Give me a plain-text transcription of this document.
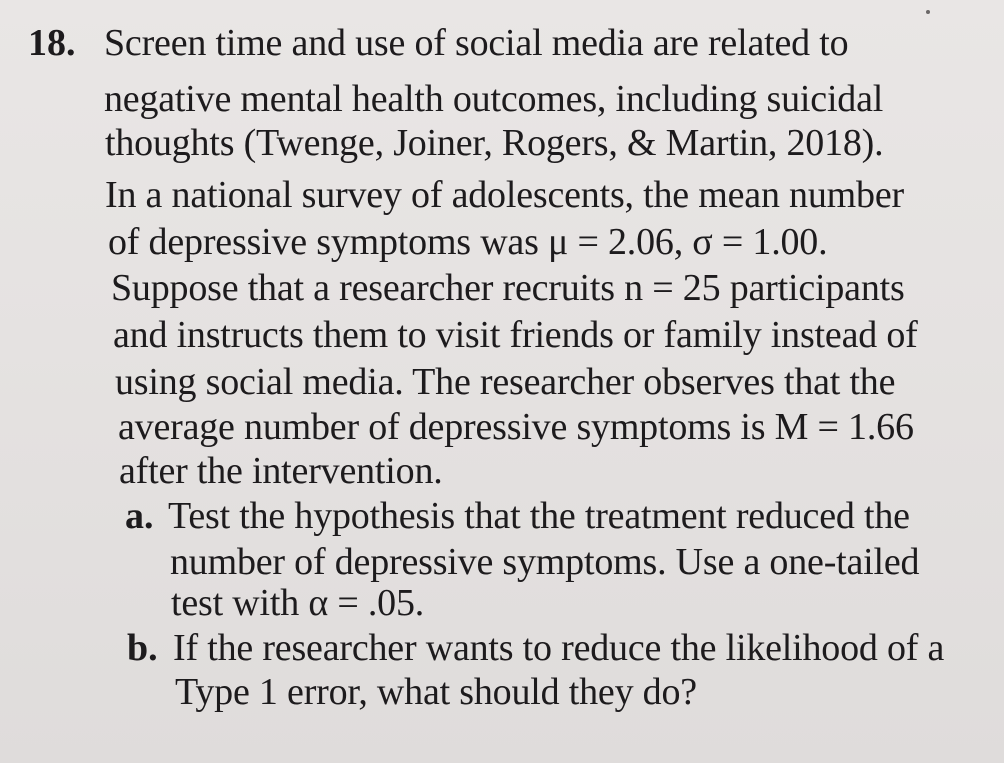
18. Screen time and use of social media are related to
negative mental health outcomes, including suicidal
thoughts (Twenge, Joiner, Rogers, & Martin, 2018).
In a national survey of adolescents, the mean number
of depressive symptoms was μ = 2.06, σ = 1.00.
Suppose that a researcher recruits n = 25 participants
and instructs them to visit friends or family instead of
using social media. The researcher observes that the
average number of depressive symptoms is M = 1.66
after the intervention.
a. Test the hypothesis that the treatment reduced the
number of depressive symptoms. Use a one-tailed
test with α = .05.
b. If the researcher wants to reduce the likelihood of a
Type 1 error, what should they do?
